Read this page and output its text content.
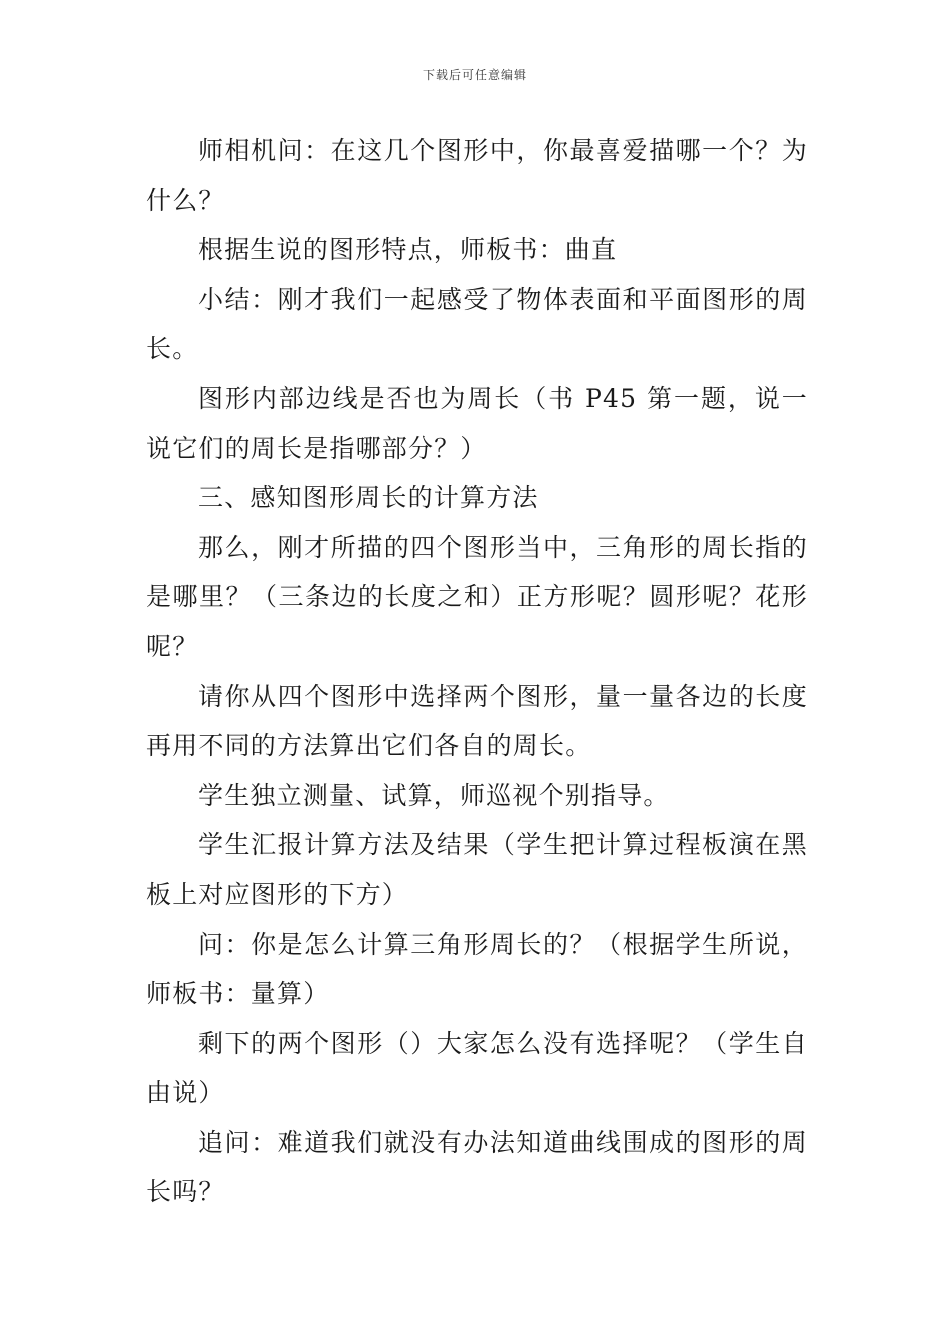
下载后可任意编辑

师相机问：在这几个图形中，你最喜爱描哪一个？为什么？

根据生说的图形特点，师板书：曲直

小结：刚才我们一起感受了物体表面和平面图形的周长。

图形内部边线是否也为周长（书 P45 第一题，说一说它们的周长是指哪部分？）

三、感知图形周长的计算方法

那么，刚才所描的四个图形当中，三角形的周长指的是哪里？（三条边的长度之和）正方形呢？圆形呢？花形呢？

请你从四个图形中选择两个图形，量一量各边的长度再用不同的方法算出它们各自的周长。

学生独立测量、试算，师巡视个别指导。

学生汇报计算方法及结果（学生把计算过程板演在黑板上对应图形的下方）

问：你是怎么计算三角形周长的？（根据学生所说，师板书：量算）

剩下的两个图形（）大家怎么没有选择呢？（学生自由说）

追问：难道我们就没有办法知道曲线围成的图形的周长吗？
